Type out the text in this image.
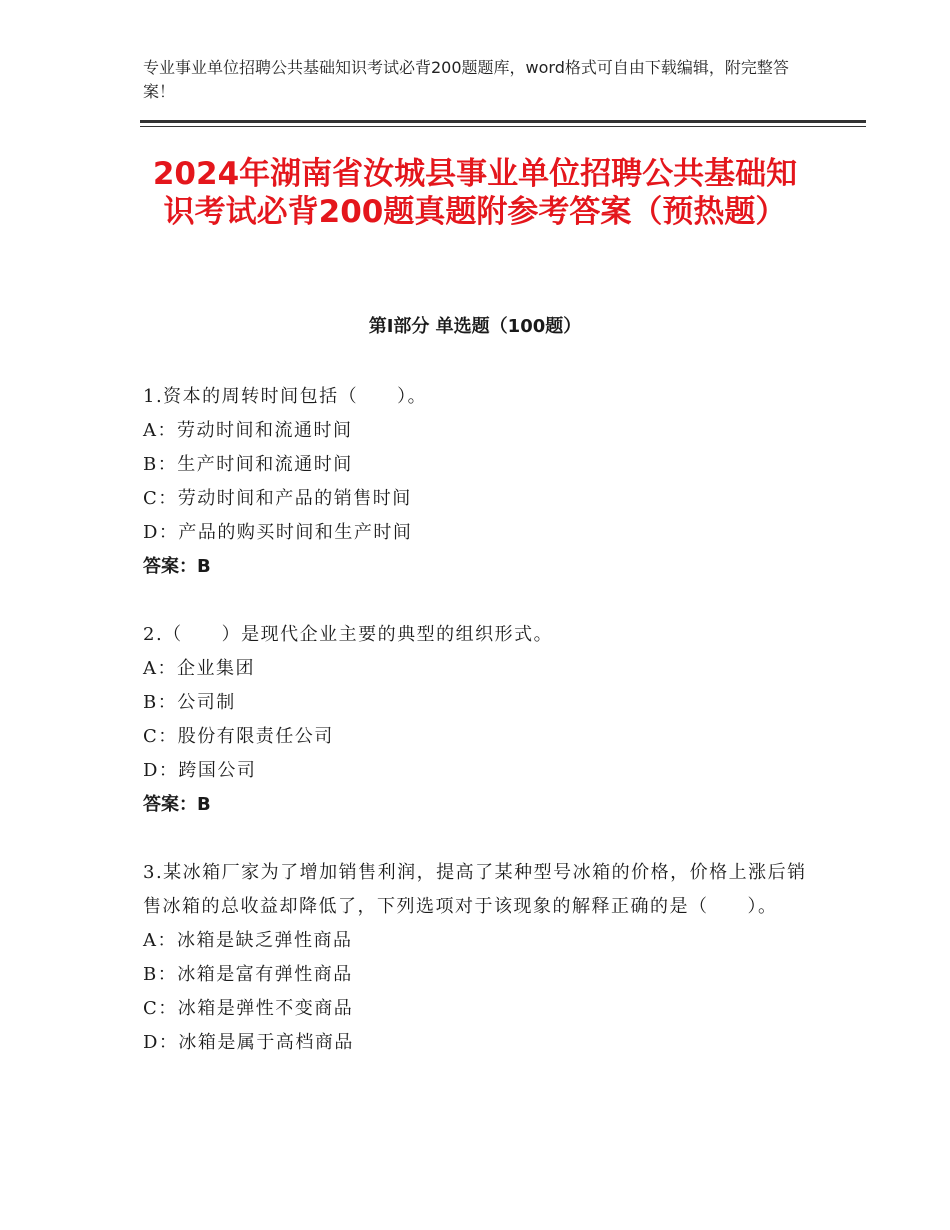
专业事业单位招聘公共基础知识考试必背200题题库，word格式可自由下载编辑，附完整答案！
2024年湖南省汝城县事业单位招聘公共基础知识考试必背200题真题附参考答案（预热题）
第Ⅰ部分 单选题（100题）
1.资本的周转时间包括（　　）。
A：劳动时间和流通时间
B：生产时间和流通时间
C：劳动时间和产品的销售时间
D：产品的购买时间和生产时间
答案：B
2.（　　）是现代企业主要的典型的组织形式。
A：企业集团
B：公司制
C：股份有限责任公司
D：跨国公司
答案：B
3.某冰箱厂家为了增加销售利润，提高了某种型号冰箱的价格，价格上涨后销售冰箱的总收益却降低了，下列选项对于该现象的解释正确的是（　　）。
A：冰箱是缺乏弹性商品
B：冰箱是富有弹性商品
C：冰箱是弹性不变商品
D：冰箱是属于高档商品
